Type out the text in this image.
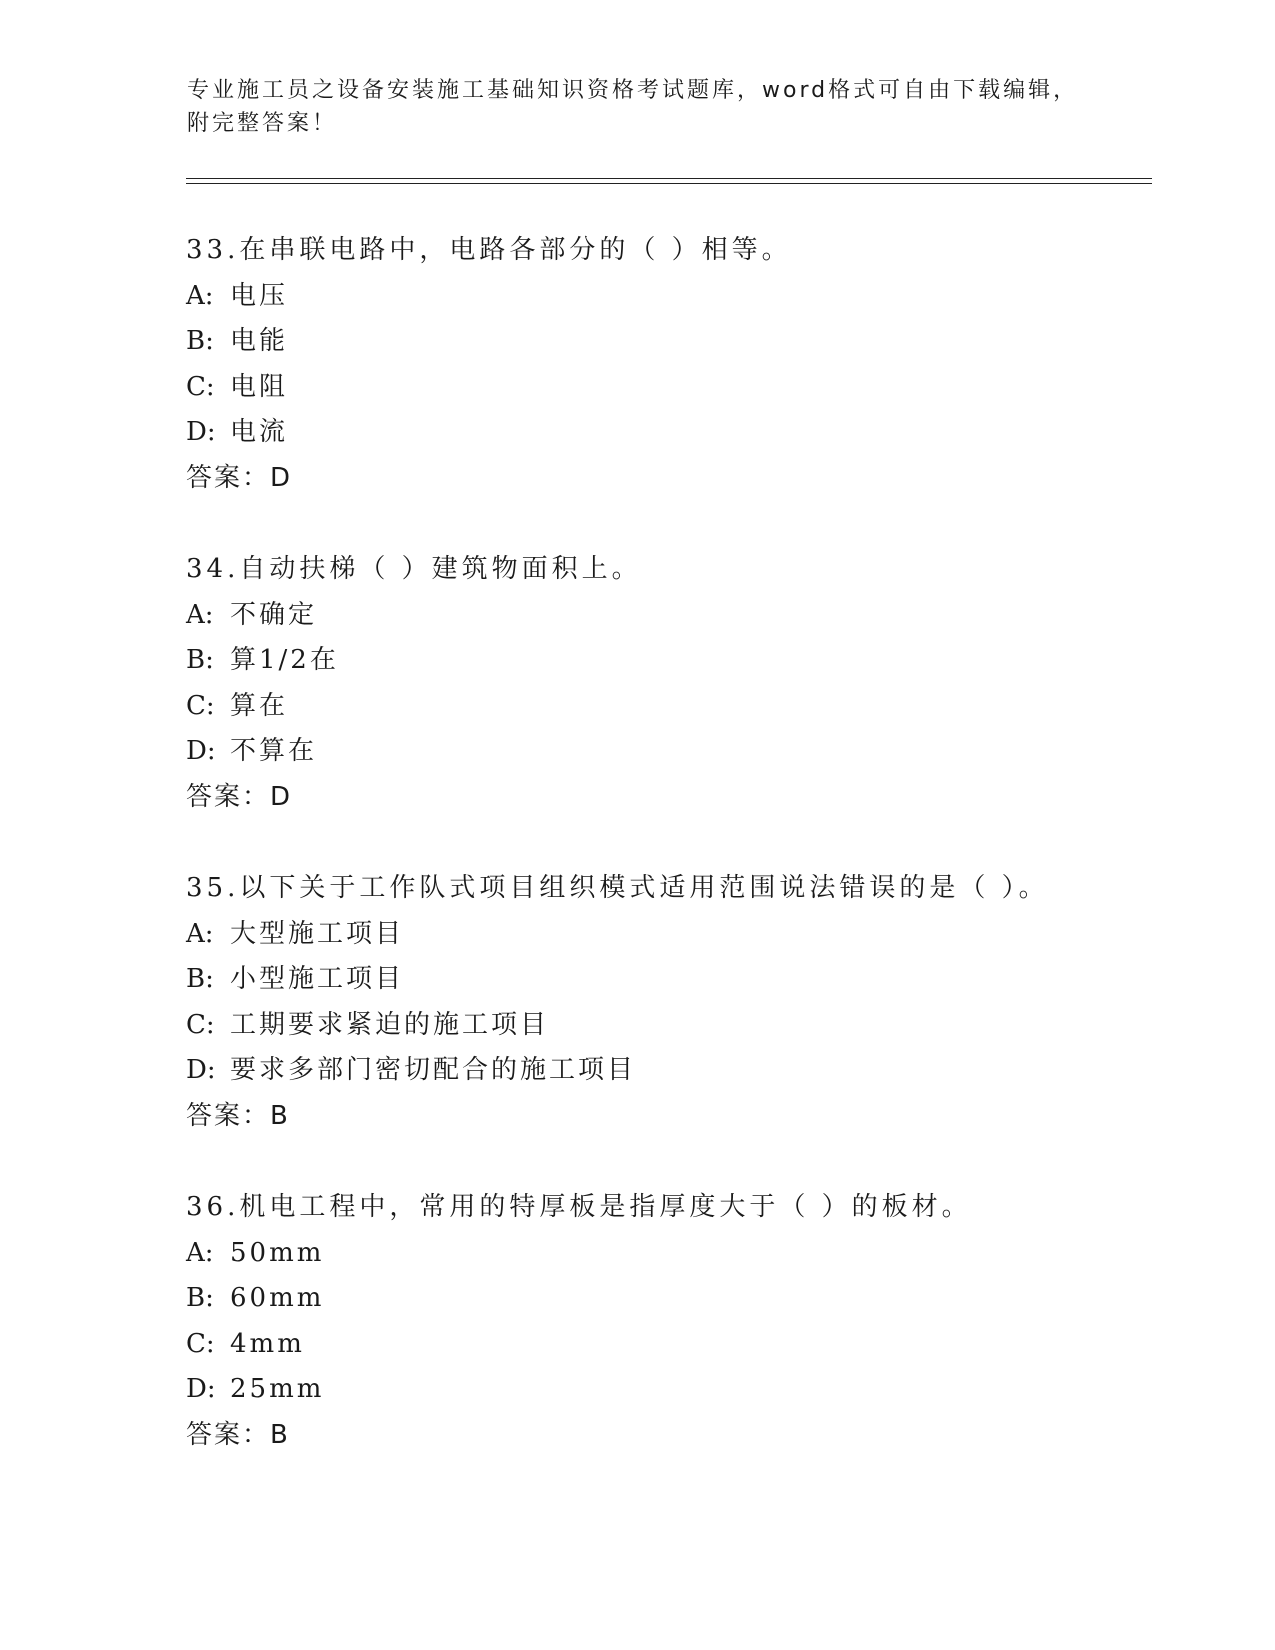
专业施工员之设备安装施工基础知识资格考试题库，word格式可自由下载编辑，
附完整答案！
33.在串联电路中，电路各部分的（ ）相等。
A: 电压
B: 电能
C: 电阻
D: 电流
答案：D
34.自动扶梯（ ）建筑物面积上。
A: 不确定
B: 算1/2在
C: 算在
D: 不算在
答案：D
35.以下关于工作队式项目组织模式适用范围说法错误的是（ ）。
A: 大型施工项目
B: 小型施工项目
C: 工期要求紧迫的施工项目
D: 要求多部门密切配合的施工项目
答案：B
36.机电工程中，常用的特厚板是指厚度大于（ ）的板材。
A: 50mm
B: 60mm
C: 4mm
D: 25mm
答案：B
